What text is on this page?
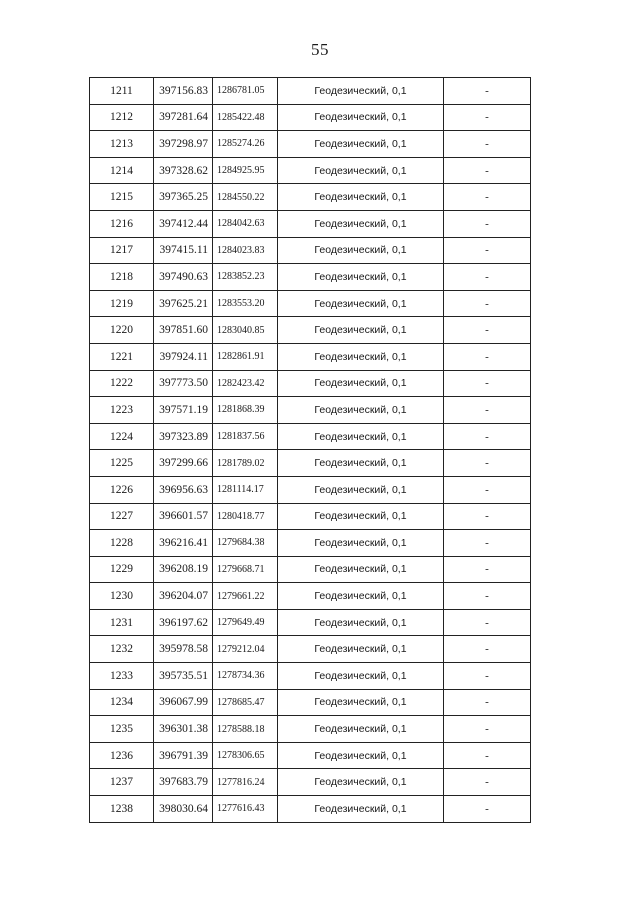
55
1211	397156.83	1286781.05	Геодезический, 0,1	-
1212	397281.64	1285422.48	Геодезический, 0,1	-
1213	397298.97	1285274.26	Геодезический, 0,1	-
1214	397328.62	1284925.95	Геодезический, 0,1	-
1215	397365.25	1284550.22	Геодезический, 0,1	-
1216	397412.44	1284042.63	Геодезический, 0,1	-
1217	397415.11	1284023.83	Геодезический, 0,1	-
1218	397490.63	1283852.23	Геодезический, 0,1	-
1219	397625.21	1283553.20	Геодезический, 0,1	-
1220	397851.60	1283040.85	Геодезический, 0,1	-
1221	397924.11	1282861.91	Геодезический, 0,1	-
1222	397773.50	1282423.42	Геодезический, 0,1	-
1223	397571.19	1281868.39	Геодезический, 0,1	-
1224	397323.89	1281837.56	Геодезический, 0,1	-
1225	397299.66	1281789.02	Геодезический, 0,1	-
1226	396956.63	1281114.17	Геодезический, 0,1	-
1227	396601.57	1280418.77	Геодезический, 0,1	-
1228	396216.41	1279684.38	Геодезический, 0,1	-
1229	396208.19	1279668.71	Геодезический, 0,1	-
1230	396204.07	1279661.22	Геодезический, 0,1	-
1231	396197.62	1279649.49	Геодезический, 0,1	-
1232	395978.58	1279212.04	Геодезический, 0,1	-
1233	395735.51	1278734.36	Геодезический, 0,1	-
1234	396067.99	1278685.47	Геодезический, 0,1	-
1235	396301.38	1278588.18	Геодезический, 0,1	-
1236	396791.39	1278306.65	Геодезический, 0,1	-
1237	397683.79	1277816.24	Геодезический, 0,1	-
1238	398030.64	1277616.43	Геодезический, 0,1	-
